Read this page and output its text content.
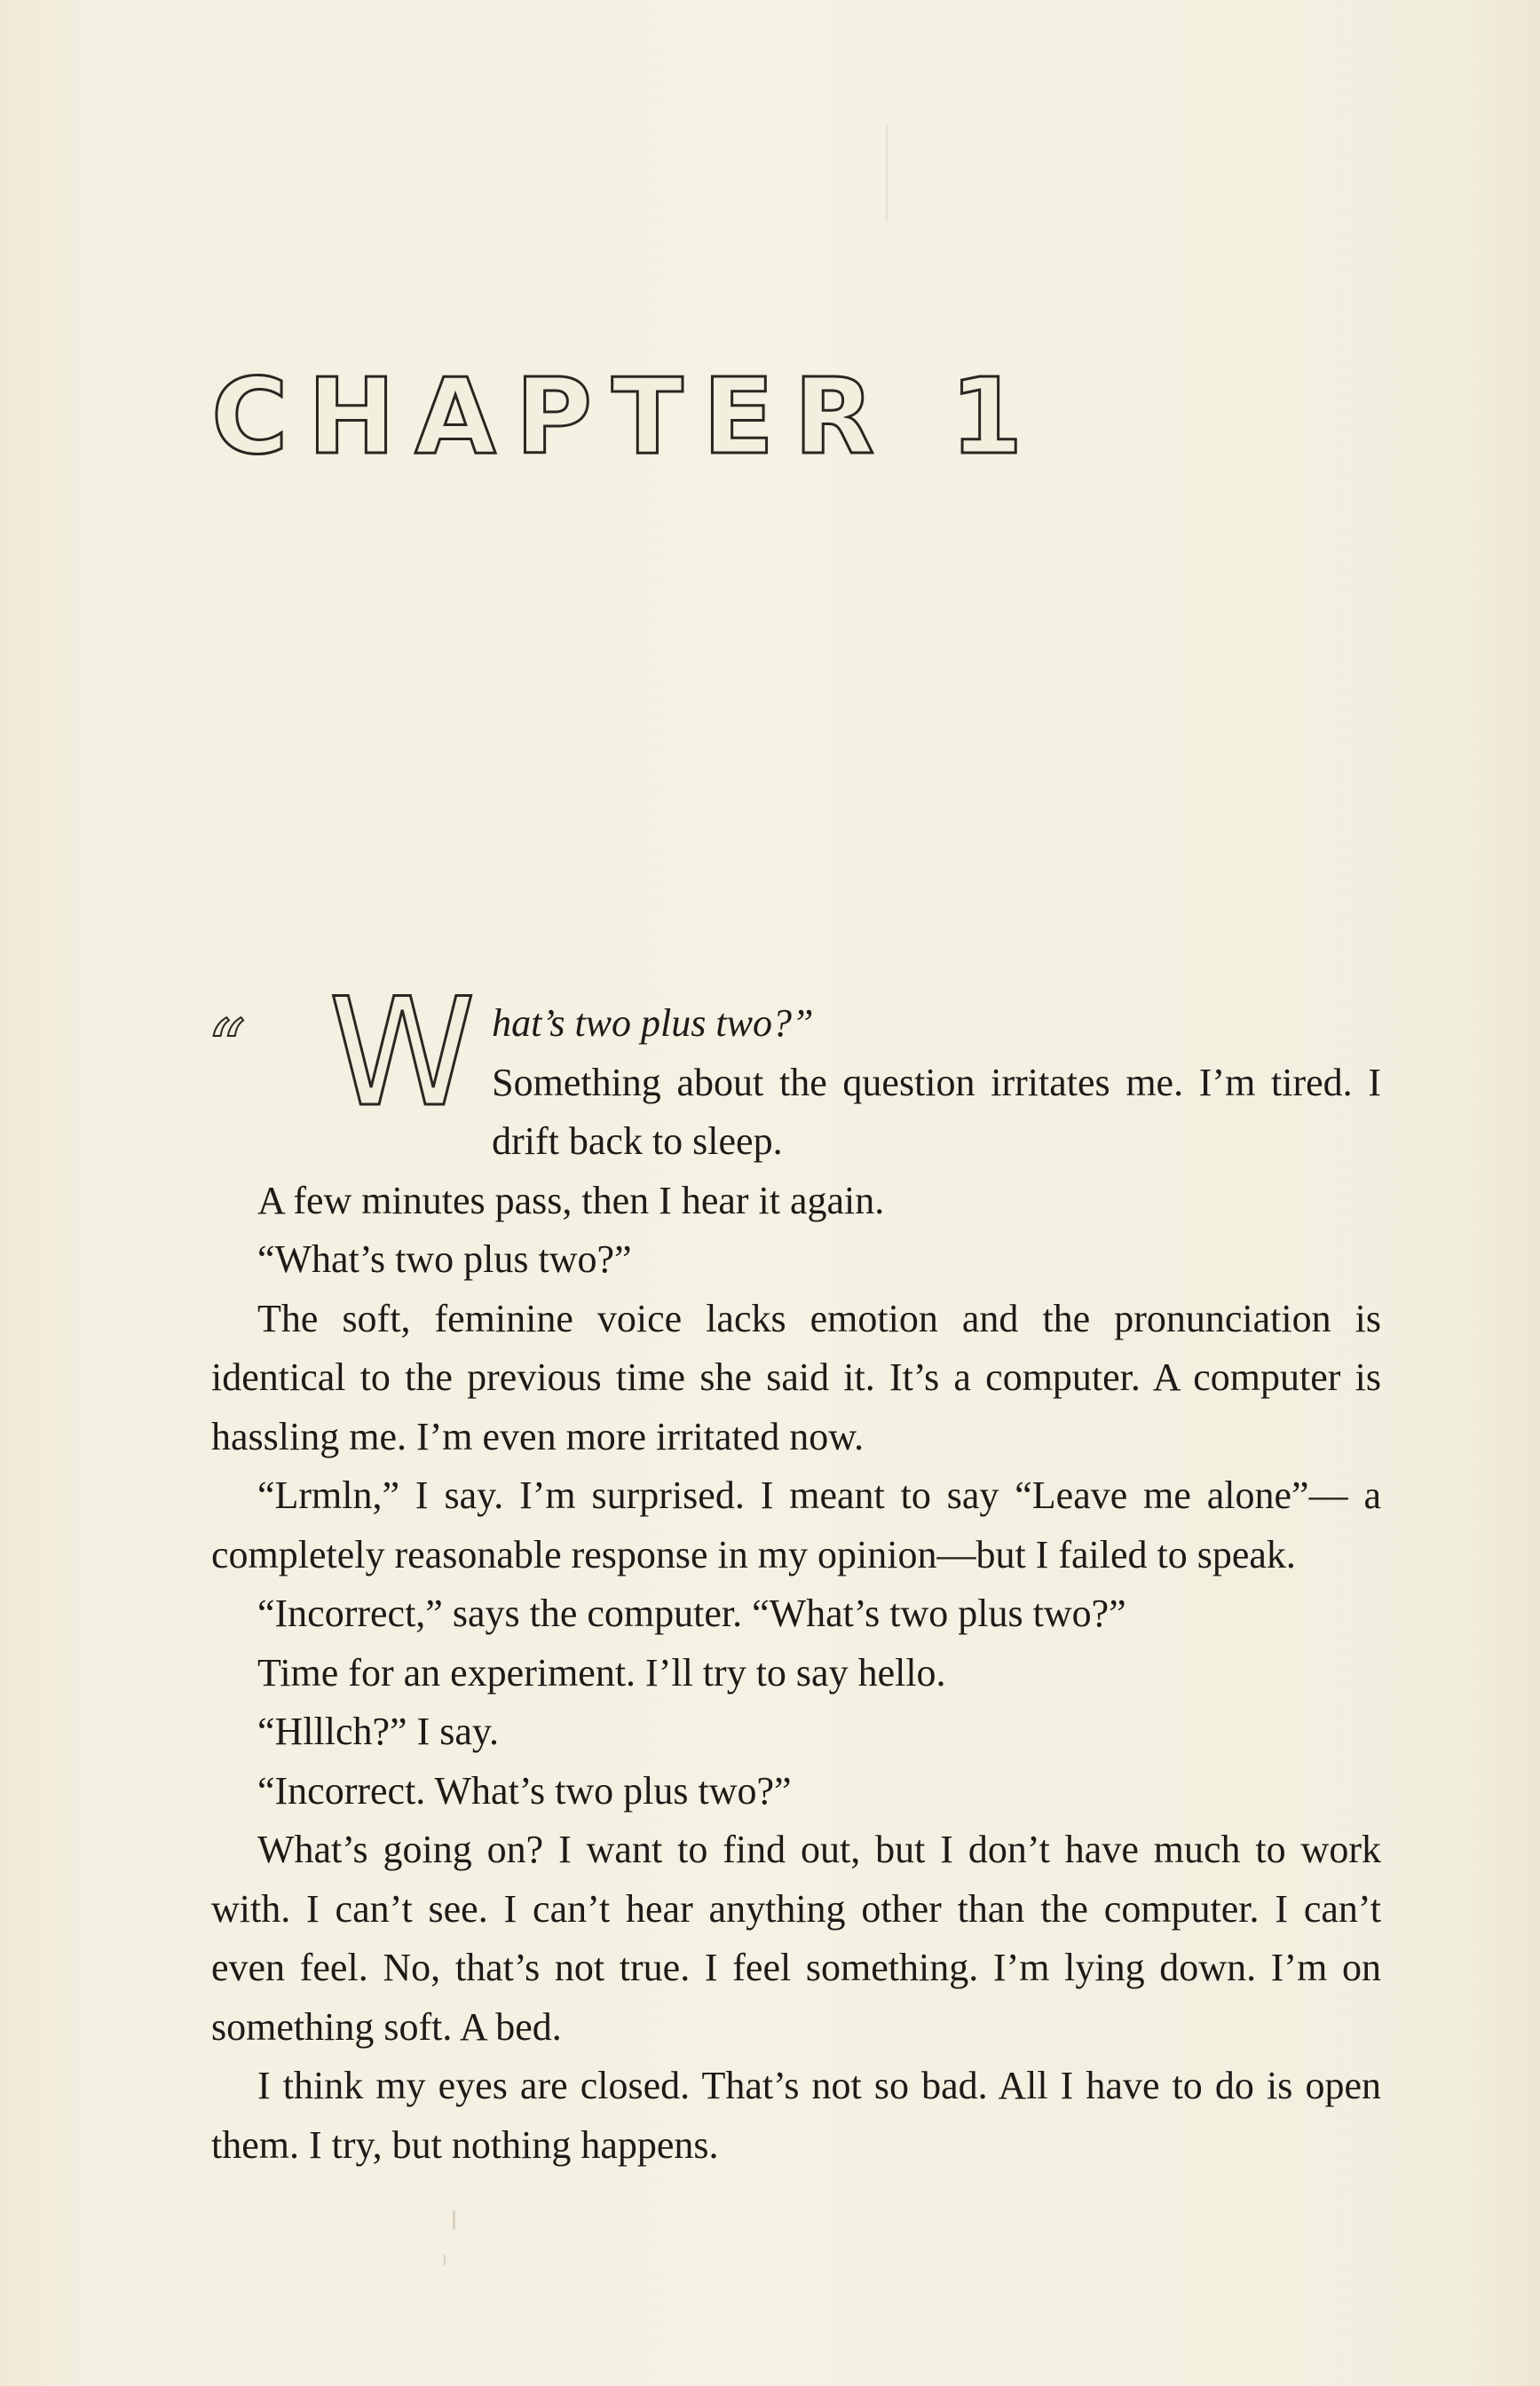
CHAPTER 1
“ W hat’s two plus two?”
Something about the question irritates me. I’m tired. I drift back to sleep.

A few minutes pass, then I hear it again.

“What’s two plus two?”

The soft, feminine voice lacks emotion and the pronunciation is identical to the previous time she said it. It’s a computer. A computer is hassling me. I’m even more irritated now.

“Lrmln,” I say. I’m surprised. I meant to say “Leave me alone”— a completely reasonable response in my opinion—but I failed to speak.

“Incorrect,” says the computer. “What’s two plus two?”

Time for an experiment. I’ll try to say hello.

“Hlllch?” I say.

“Incorrect. What’s two plus two?”

What’s going on? I want to find out, but I don’t have much to work with. I can’t see. I can’t hear anything other than the computer. I can’t even feel. No, that’s not true. I feel something. I’m lying down. I’m on something soft. A bed.

I think my eyes are closed. That’s not so bad. All I have to do is open them. I try, but nothing happens.
